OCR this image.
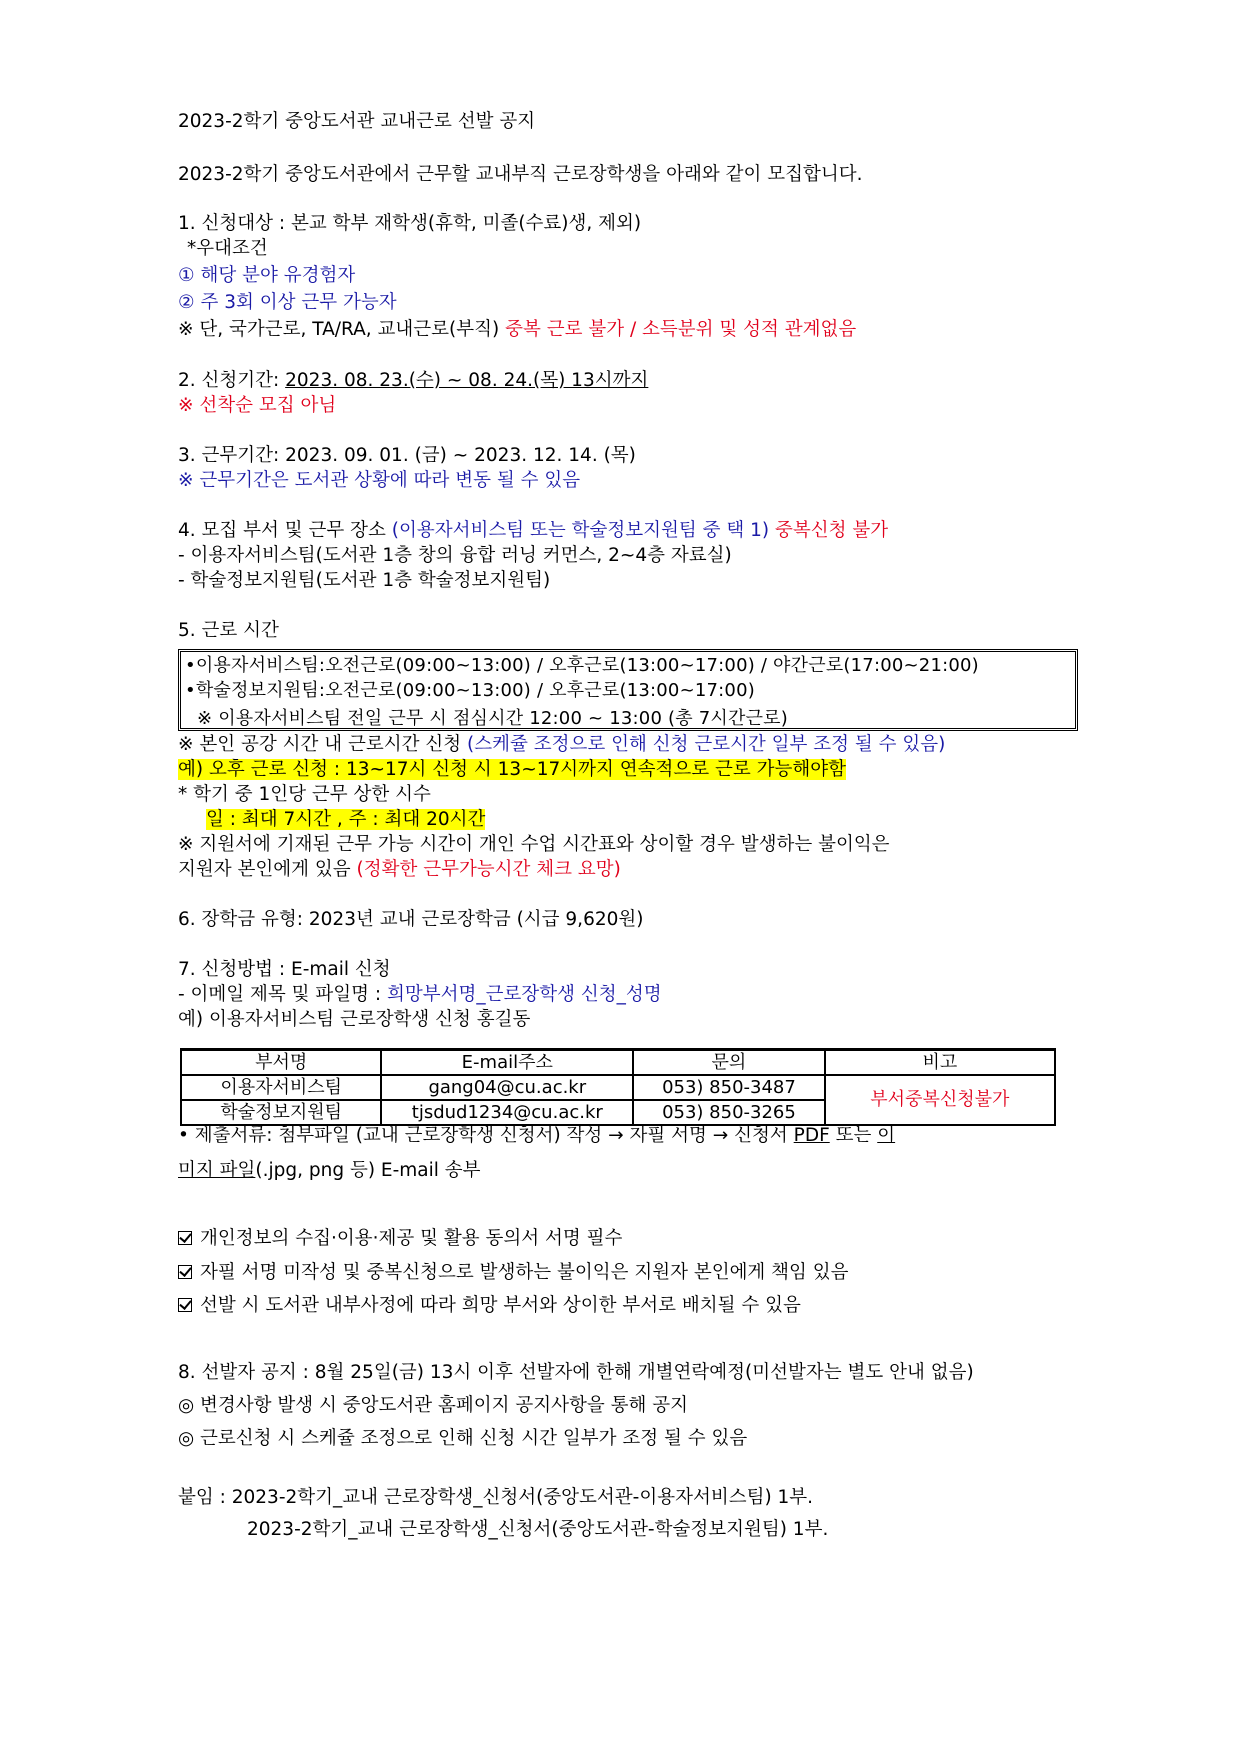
2023-2학기 중앙도서관 교내근로 선발 공지
2023-2학기 중앙도서관에서 근무할 교내부직 근로장학생을 아래와 같이 모집합니다.
1. 신청대상 : 본교 학부 재학생(휴학, 미졸(수료)생, 제외)
*우대조건
① 해당 분야 유경험자
② 주 3회 이상 근무 가능자
※ 단, 국가근로, TA/RA, 교내근로(부직) 중복 근로 불가 / 소득분위 및 성적 관계없음
2. 신청기간: 2023. 08. 23.(수) ~ 08. 24.(목) 13시까지
※ 선착순 모집 아님
3. 근무기간: 2023. 09. 01. (금) ~ 2023. 12. 14. (목)
※ 근무기간은 도서관 상황에 따라 변동 될 수 있음
4. 모집 부서 및 근무 장소 (이용자서비스팀 또는 학술정보지원팀 중 택 1) 중복신청 불가
- 이용자서비스팀(도서관 1층 창의 융합 러닝 커먼스, 2~4층 자료실)
- 학술정보지원팀(도서관 1층 학술정보지원팀)
5. 근로 시간
•이용자서비스팀:오전근로(09:00~13:00) / 오후근로(13:00~17:00) / 야간근로(17:00~21:00)
•학술정보지원팀:오전근로(09:00~13:00) / 오후근로(13:00~17:00)
※ 이용자서비스팀 전일 근무 시 점심시간 12:00 ~ 13:00 (총 7시간근로)
※ 본인 공강 시간 내 근로시간 신청 (스케쥴 조정으로 인해 신청 근로시간 일부 조정 될 수 있음)
예) 오후 근로 신청 : 13~17시 신청 시 13~17시까지 연속적으로 근로 가능해야함
* 학기 중 1인당 근무 상한 시수
일 : 최대 7시간 , 주 : 최대 20시간
※ 지원서에 기재된 근무 가능 시간이 개인 수업 시간표와 상이할 경우 발생하는 불이익은
지원자 본인에게 있음 (정확한 근무가능시간 체크 요망)
6. 장학금 유형: 2023년 교내 근로장학금 (시급 9,620원)
7. 신청방법 : E-mail 신청
- 이메일 제목 및 파일명 : 희망부서명_근로장학생 신청_성명
예) 이용자서비스팀 근로장학생 신청 홍길동
부서명	E-mail주소	문의	비고
이용자서비스팀	gang04@cu.ac.kr	053) 850-3487	부서중복신청불가
학술정보지원팀	tjsdud1234@cu.ac.kr	053) 850-3265	
• 제출서류: 첨부파일 (교내 근로장학생 신청서) 작성 → 자필 서명 → 신청서 PDF 또는 이
미지 파일(.jpg, png 등) E-mail 송부
개인정보의 수집·이용·제공 및 활용 동의서 서명 필수
자필 서명 미작성 및 중복신청으로 발생하는 불이익은 지원자 본인에게 책임 있음
선발 시 도서관 내부사정에 따라 희망 부서와 상이한 부서로 배치될 수 있음
8. 선발자 공지 : 8월 25일(금) 13시 이후 선발자에 한해 개별연락예정(미선발자는 별도 안내 없음)
◎ 변경사항 발생 시 중앙도서관 홈페이지 공지사항을 통해 공지
◎ 근로신청 시 스케쥴 조정으로 인해 신청 시간 일부가 조정 될 수 있음
붙임 : 2023-2학기_교내 근로장학생_신청서(중앙도서관-이용자서비스팀) 1부.
2023-2학기_교내 근로장학생_신청서(중앙도서관-학술정보지원팀) 1부.
